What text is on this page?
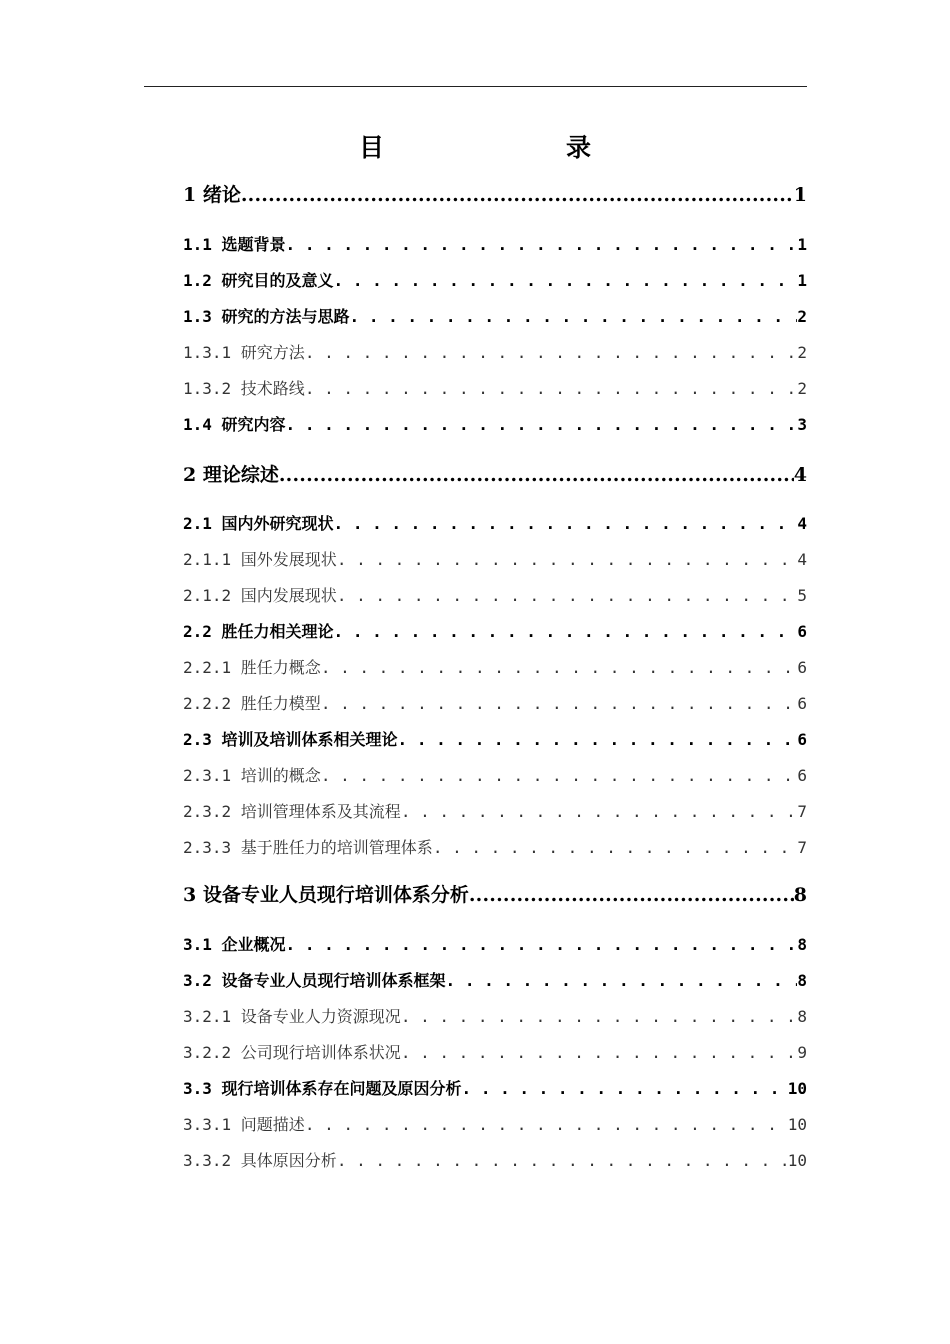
目　　录
1 绪论 .....	1
1.1 选题背景 . . .	1
1.2 研究目的及意义 . . .	1
1.3 研究的方法与思路 . . .	2
1.3.1 研究方法 . . .	2
1.3.2 技术路线 . . .	2
1.4 研究内容 . . .	3
2 理论综述 .....	4
2.1 国内外研究现状 . . .	4
2.1.1 国外发展现状 . . .	4
2.1.2 国内发展现状 . . .	5
2.2 胜任力相关理论 . . .	6
2.2.1 胜任力概念 . . .	6
2.2.2 胜任力模型 . . .	6
2.3 培训及培训体系相关理论 . . .	6
2.3.1 培训的概念 . . .	6
2.3.2 培训管理体系及其流程 . . .	7
2.3.3 基于胜任力的培训管理体系 . . .	7
3 设备专业人员现行培训体系分析 .....	8
3.1 企业概况 . . .	8
3.2 设备专业人员现行培训体系框架 . . .	8
3.2.1 设备专业人力资源现况 . . .	8
3.2.2 公司现行培训体系状况 . . .	9
3.3 现行培训体系存在问题及原因分析 . . .	10
3.3.1 问题描述 . . .	10
3.3.2 具体原因分析 . . .	10
